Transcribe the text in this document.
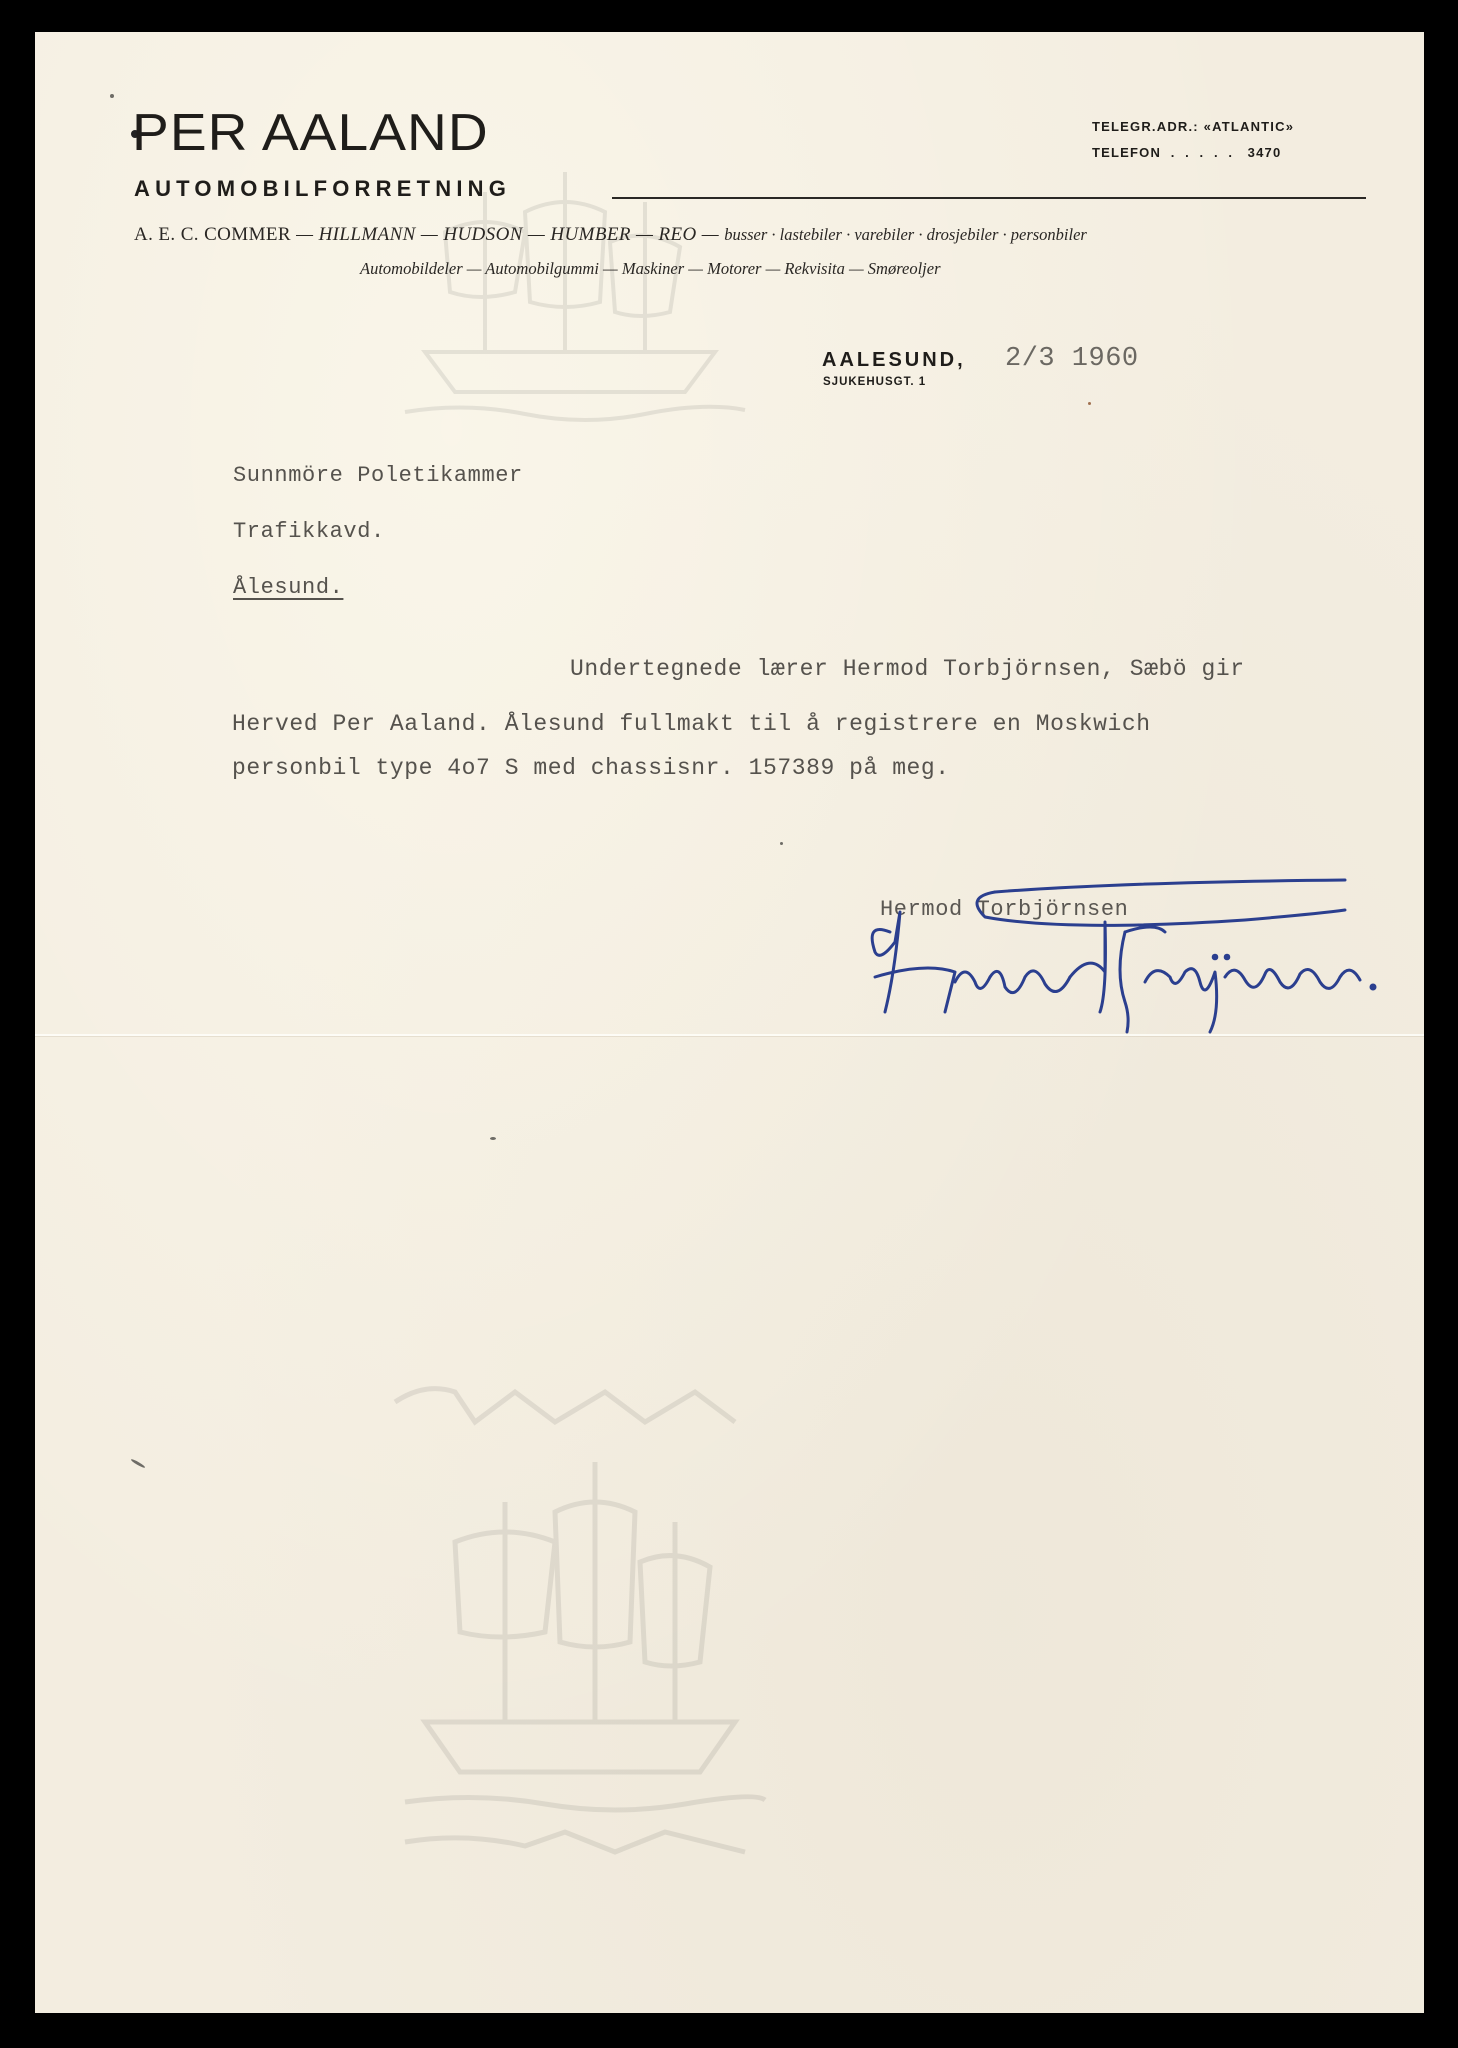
PER AALAND
AUTOMOBILFORRETNING
TELEGR.ADR.: «ATLANTIC»
TELEFON  .  .  .  .  .   3470
A. E. C. COMMER — HILLMANN — HUDSON — HUMBER — REO — busser · lastebiler · varebiler · drosjebiler · personbiler
Automobildeler — Automobilgummi — Maskiner — Motorer — Rekvisita — Smøreoljer
AALESUND,
SJUKEHUSGT. 1
2/3 1960
Sunnmöre Poletikammer
Trafikkavd.
Ålesund.
Undertegnede lærer Hermod Torbjörnsen, Sæbö gir
Herved Per Aaland. Ålesund fullmakt til å registrere en Moskwich
personbil type 4o7 S med chassisnr. 157389 på meg.
Hermod Torbjörnsen
